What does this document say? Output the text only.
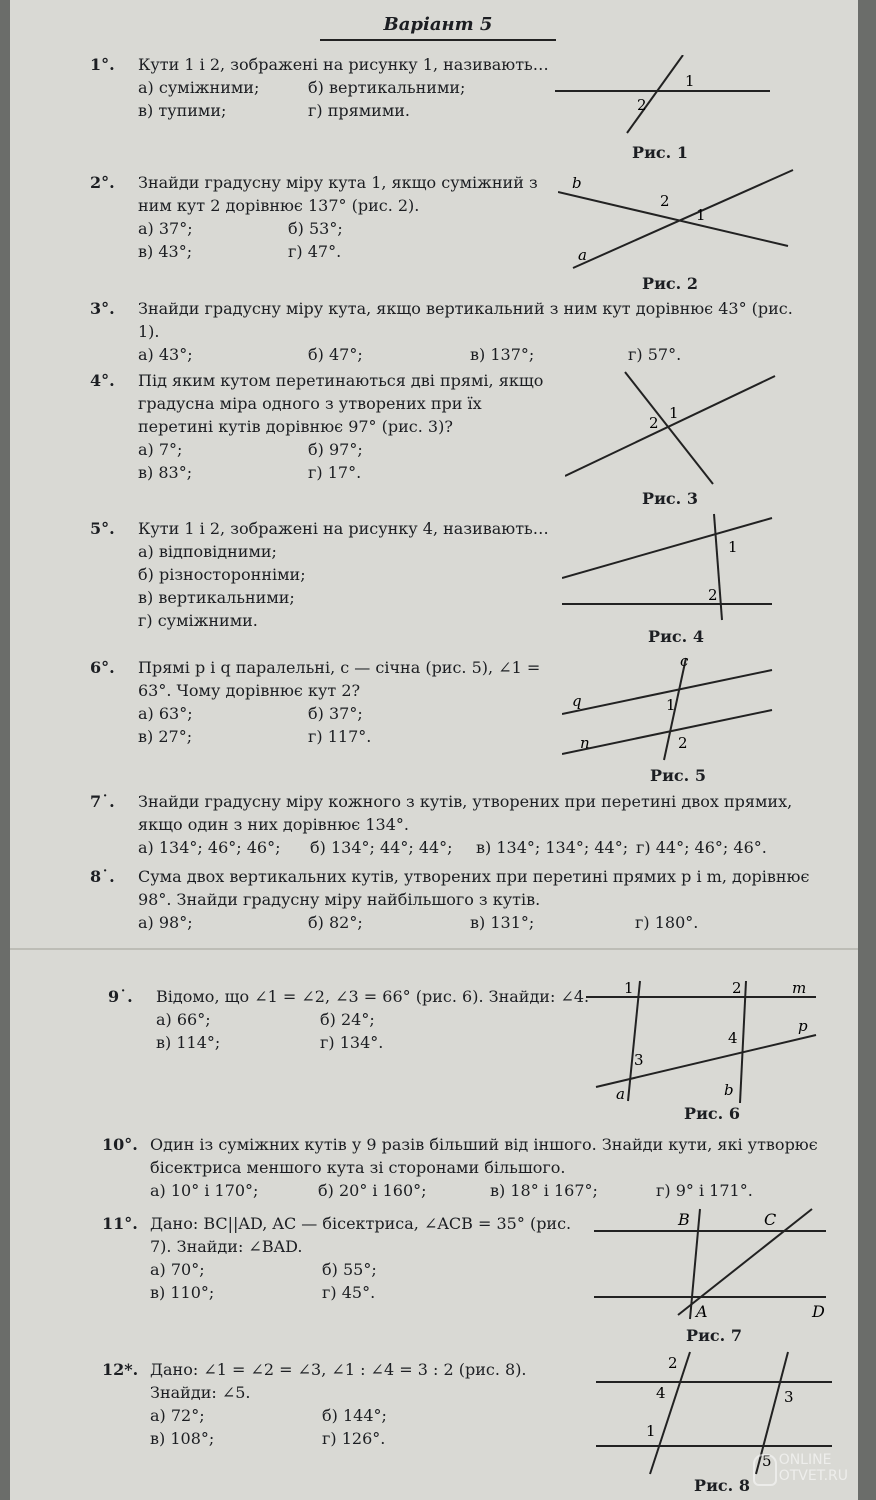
Варіант 5
1°. Кути 1 і 2, зображені на рисунку 1, називають…
а) суміжними;	б) вертикальними;
в) тупими;	г) прямими.
1
2
Рис. 1
2°. Знайди градусну міру кута 1, якщо суміжний з ним кут 2 дорівнює 137° (рис. 2).
а) 37°;	б) 53°;
в) 43°;	г) 47°.
b
2
1
a
Рис. 2
3°. Знайди градусну міру кута, якщо вертикальний з ним кут дорівнює 43° (рис. 1).
а) 43°;	б) 47°;	в) 137°;	г) 57°.
4°. Під яким кутом перетинаються дві прямі, якщо градусна міра одного з утворених при їх перетині кутів дорівнює 97° (рис. 3)?
а) 7°;	б) 97°;
в) 83°;	г) 17°.
2
1
Рис. 3
5°. Кути 1 і 2, зображені на рисунку 4, називають…
а) відповідними;
б) різносторонніми;
в) вертикальними;
г) суміжними.
1
2
Рис. 4
6°. Прямі p і q паралельні, c — січна (рис. 5), ∠1 = 63°. Чому дорівнює кут 2?
а) 63°;	б) 37°;
в) 27°;	г) 117°.
c
q	1
n	2
Рис. 5
7˙. Знайди градусну міру кожного з кутів, утворених при перетині двох прямих, якщо один з них дорівнює 134°.
а) 134°; 46°; 46°; б) 134°; 44°; 44°; в) 134°; 134°; 44°; г) 44°; 46°; 46°.
8˙. Сума двох вертикальних кутів, утворених при перетині прямих p і m, дорівнює 98°. Знайди градусну міру найбільшого з кутів.
а) 98°;	б) 82°;	в) 131°;	г) 180°.
9˙. Відомо, що ∠1 = ∠2, ∠3 = 66° (рис. 6). Знайди: ∠4.
а) 66°;	б) 24°;
в) 114°;	г) 134°.
1	2	m
p
4
3
a	b
Рис. 6
10°. Один із суміжних кутів у 9 разів більший від іншого. Знайди кути, які утворює бісектриса меншого кута зі сторонами більшого.
а) 10° і 170°;	б) 20° і 160°;	в) 18° і 167°;	г) 9° і 171°.
11°. Дано: BC||AD, AC — бісектриса, ∠ACB = 35° (рис. 7). Знайди: ∠BAD.
а) 70°;	б) 55°;
в) 110°;	г) 45°.
B	C
A	D
Рис. 7
12*. Дано: ∠1 = ∠2 = ∠3, ∠1 : ∠4 = 3 : 2 (рис. 8). Знайди: ∠5.
а) 72°;	б) 144°;
в) 108°;	г) 126°.
2
4	3
1
5
Рис. 8
ONLINE
OTVET.RU
